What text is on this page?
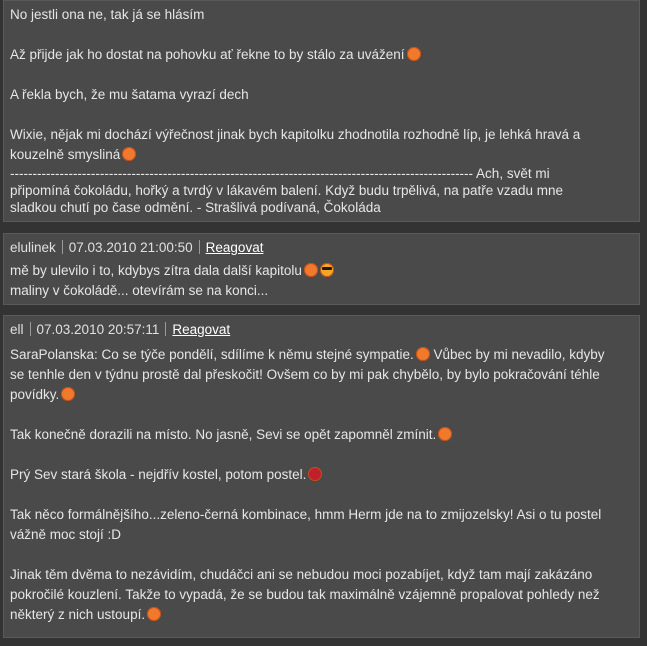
No jestli ona ne, tak já se hlásím

Až přijde jak ho dostat na pohovku ať řekne to by stálo za uvážení

A řekla bych, že mu šatama vyrazí dech

Wixie, nějak mi dochází výřečnost jinak bych kapitolku zhodnotila rozhodně líp, je lehká hravá a

kouzelně smysliná

------------------------------------------------------------------------------------------------------- Ach, svět mi
připomíná čokoládu, hořký a tvrdý v lákavém balení. Když budu trpělivá, na patře vzadu mne
sladkou chutí po čase odmění. - Strašlivá podívaná, Čokoláda
elulinek 07.03.2010 21:00:50 Reagovat

mě by ulevilo i to, kdybys zítra dala další kapitolu

maliny v čokoládě... otevírám se na konci...

ell 07.03.2010 20:57:11 Reagovat

SaraPolanska: Co se týče pondělí, sdílíme k němu stejné sympatie. Vůbec by mi nevadilo, kdyby

se tenhle den v týdnu prostě dal přeskočit! Ovšem co by mi pak chybělo, by bylo pokračování téhle

povídky.

Tak konečně dorazili na místo. No jasně, Sevi se opět zapomněl zmínit.

Prý Sev stará škola - nejdřív kostel, potom postel.

Tak něco formálnějšího...zeleno-černá kombinace, hmm Herm jde na to zmijozelsky! Asi o tu postel

vážně moc stojí :D

Jinak těm dvěma to nezávidím, chudáčci ani se nebudou moci pozabíjet, když tam mají zakázáno

pokročilé kouzlení. Takže to vypadá, že se budou tak maximálně vzájemně propalovat pohledy než

některý z nich ustoupí.
